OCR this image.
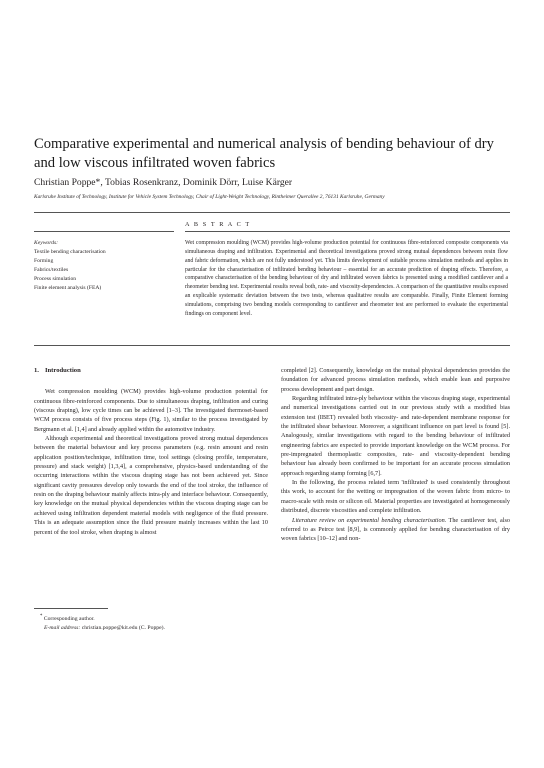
Comparative experimental and numerical analysis of bending behaviour of dry and low viscous infiltrated woven fabrics
Christian Poppe*, Tobias Rosenkranz, Dominik Dörr, Luise Kärger
Karlsruhe Institute of Technology, Institute for Vehicle System Technology, Chair of Light-Weight Technology, Rintheimer Querallee 2, 76131 Karlsruhe, Germany
A B S T R A C T
Keywords:
Textile bending characterisation
Forming
Fabrics/textiles
Process simulation
Finite element analysis (FEA)
Wet compression moulding (WCM) provides high-volume production potential for continuous fibre-reinforced composite components via simultaneous draping and infiltration. Experimental and theoretical investigations proved strong mutual dependences between resin flow and fabric deformation, which are not fully understood yet. This limits development of suitable process simulation methods and applies in particular for the characterisation of infiltrated bending behaviour – essential for an accurate prediction of draping effects. Therefore, a comparative characterisation of the bending behaviour of dry and infiltrated woven fabrics is presented using a modified cantilever and a rheometer bending test. Experimental results reveal both, rate- and viscosity-dependencies. A comparison of the quantitative results exposed an explicable systematic deviation between the two tests, whereas qualitative results are comparable. Finally, Finite Element forming simulations, comprising two bending models corresponding to cantilever and rheometer test are performed to evaluate the experimental findings on component level.
1. Introduction

Wet compression moulding (WCM) provides high-volume production potential for continuous fibre-reinforced components. Due to simultaneous draping, infiltration and curing (viscous draping), low cycle times can be achieved [1–3]. The investigated thermoset-based WCM process consists of five process steps (Fig. 1), similar to the process investigated by Bergmann et al. [1,4] and already applied within the automotive industry.

Although experimental and theoretical investigations proved strong mutual dependences between the material behaviour and key process parameters (e.g. resin amount and resin application position/technique, infiltration time, tool settings (closing profile, temperature, pressure) and stack weight) [1,3,4], a comprehensive, physics-based understanding of the occurring interactions within the viscous draping stage has not been achieved yet. Since significant cavity pressures develop only towards the end of the tool stroke, the influence of resin on the draping behaviour mainly affects intra-ply and interface behaviour. Consequently, key knowledge on the mutual physical dependencies within the viscous draping stage can be achieved using infiltration dependent material models with negligence of the fluid pressure. This is an adequate assumption since the fluid pressure mainly increases within the last 10 percent of the tool stroke, when draping is almost

completed [2]. Consequently, knowledge on the mutual physical dependencies provides the foundation for advanced process simulation methods, which enable lean and purposive process development and part design.

Regarding infiltrated intra-ply behaviour within the viscous draping stage, experimental and numerical investigations carried out in our previous study with a modified bias extension test (IBET) revealed both viscosity- and rate-dependent membrane response for the infiltrated shear behaviour. Moreover, a significant influence on part level is found [5]. Analogously, similar investigations with regard to the bending behaviour of infiltrated engineering fabrics are expected to provide important knowledge on the WCM process. For pre-impregnated thermoplastic composites, rate- and viscosity-dependent bending behaviour has already been confirmed to be important for an accurate process simulation approach regarding stamp forming [6,7].

In the following, the process related term 'infiltrated' is used consistently throughout this work, to account for the wetting or impregnation of the woven fabric from micro- to macro-scale with resin or silicon oil. Material properties are investigated at homogeneously distributed, discrete viscosities and complete infiltration.

Literature review on experimental bending characterisation. The cantilever test, also referred to as Peirce test [8,9], is commonly applied for bending characterisation of dry woven fabrics [10–12] and non-

* Corresponding author.
E-mail address: christian.poppe@kit.edu (C. Poppe).
